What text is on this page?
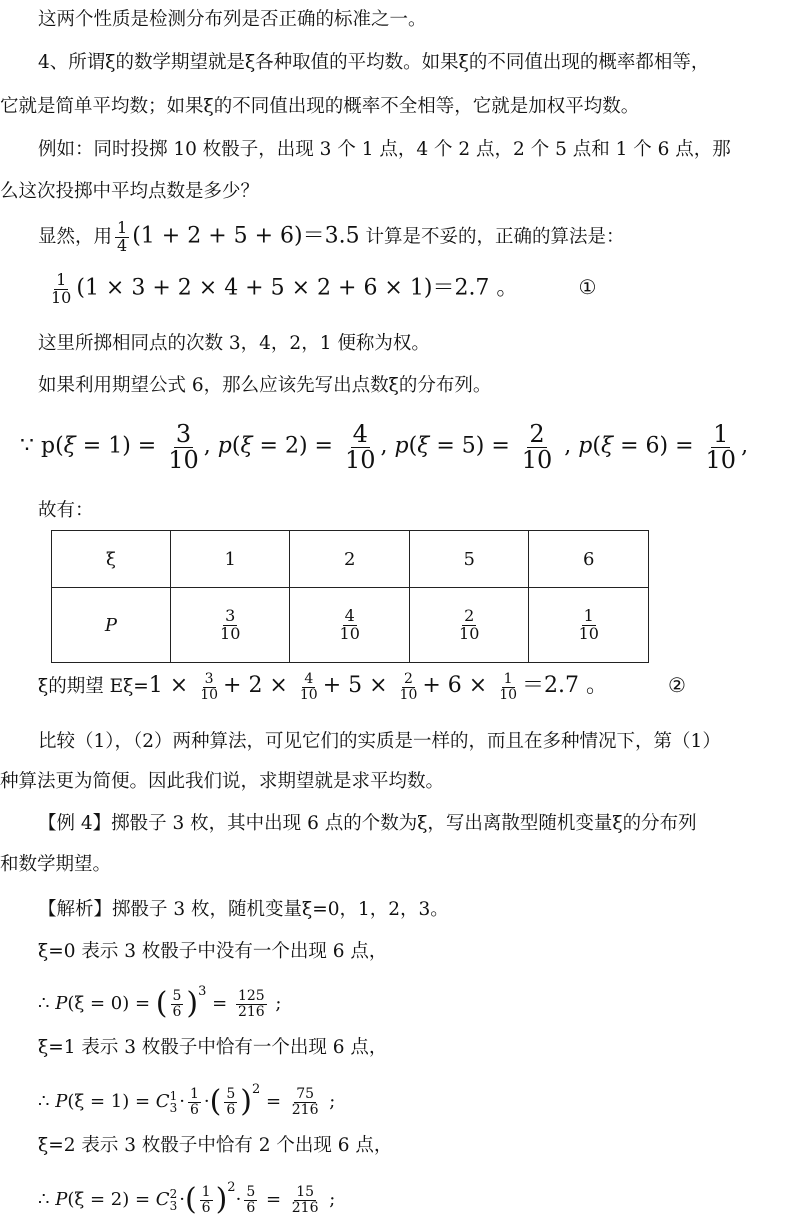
这两个性质是检测分布列是否正确的标准之一。
4、所谓ξ的数学期望就是ξ各种取值的平均数。如果ξ的不同值出现的概率都相等，
它就是简单平均数；如果ξ的不同值出现的概率不全相等，它就是加权平均数。
例如：同时投掷 10 枚骰子，出现 3 个 1 点，4 个 2 点，2 个 5 点和 1 个 6 点，那
么这次投掷中平均点数是多少？
显然，用 $\frac{1}{4} (1 + 2 + 5 + 6)=3.5$ 计算是不妥的，正确的算法是：
$\frac{1}{10} (1 \times 3 + 2 \times 4 + 5 \times 2 + 6 \times 1)=2.7$ 。	①
这里所掷相同点的次数 3，4，2，1 便称为权。
如果利用期望公式 6，那么应该先写出点数ξ的分布列。
∵ $p(\xi = 1) = \frac{3}{10}$ , $p(\xi = 2) = \frac{4}{10}$ , $p(\xi = 5) = \frac{2}{10}$ , $p(\xi = 6) = \frac{1}{10}$ ,
故有：
ξ	1	2	5	6
P	$\frac{3}{10}$	$\frac{4}{10}$	$\frac{2}{10}$	$\frac{1}{10}$
ξ的期望 $E\xi=1 \times \frac{3}{10} + 2 \times \frac{4}{10} + 5 \times \frac{2}{10} + 6 \times \frac{1}{10} =2.7$ 。	②
比较（1），（2）两种算法，可见它们的实质是一样的，而且在多种情况下，第（1）
种算法更为简便。因此我们说，求期望就是求平均数。
【例 4】掷骰子 3 枚，其中出现 6 点的个数为ξ，写出离散型随机变量ξ的分布列
和数学期望。
【解析】掷骰子 3 枚，随机变量ξ=0，1，2，3。
ξ=0 表示 3 枚骰子中没有一个出现 6 点，
∴ P(ξ = 0) = ( $\frac{5}{6} )^3 = \frac{125}{216}$ ;
ξ=1 表示 3 枚骰子中恰有一个出现 6 点，
∴ P(ξ = 1) = C 1
$3 \cdot \frac{1}{6}$ ·( $\frac{5}{6} )^2 = \frac{75}{216}$ ;
ξ=2 表示 3 枚骰子中恰有 2 个出现 6 点，
∴ P(ξ = 2) = C 2
3 ·( $\frac{1}{6} )^2\cdot \frac{5}{6} = \frac{15}{216}$ ;
